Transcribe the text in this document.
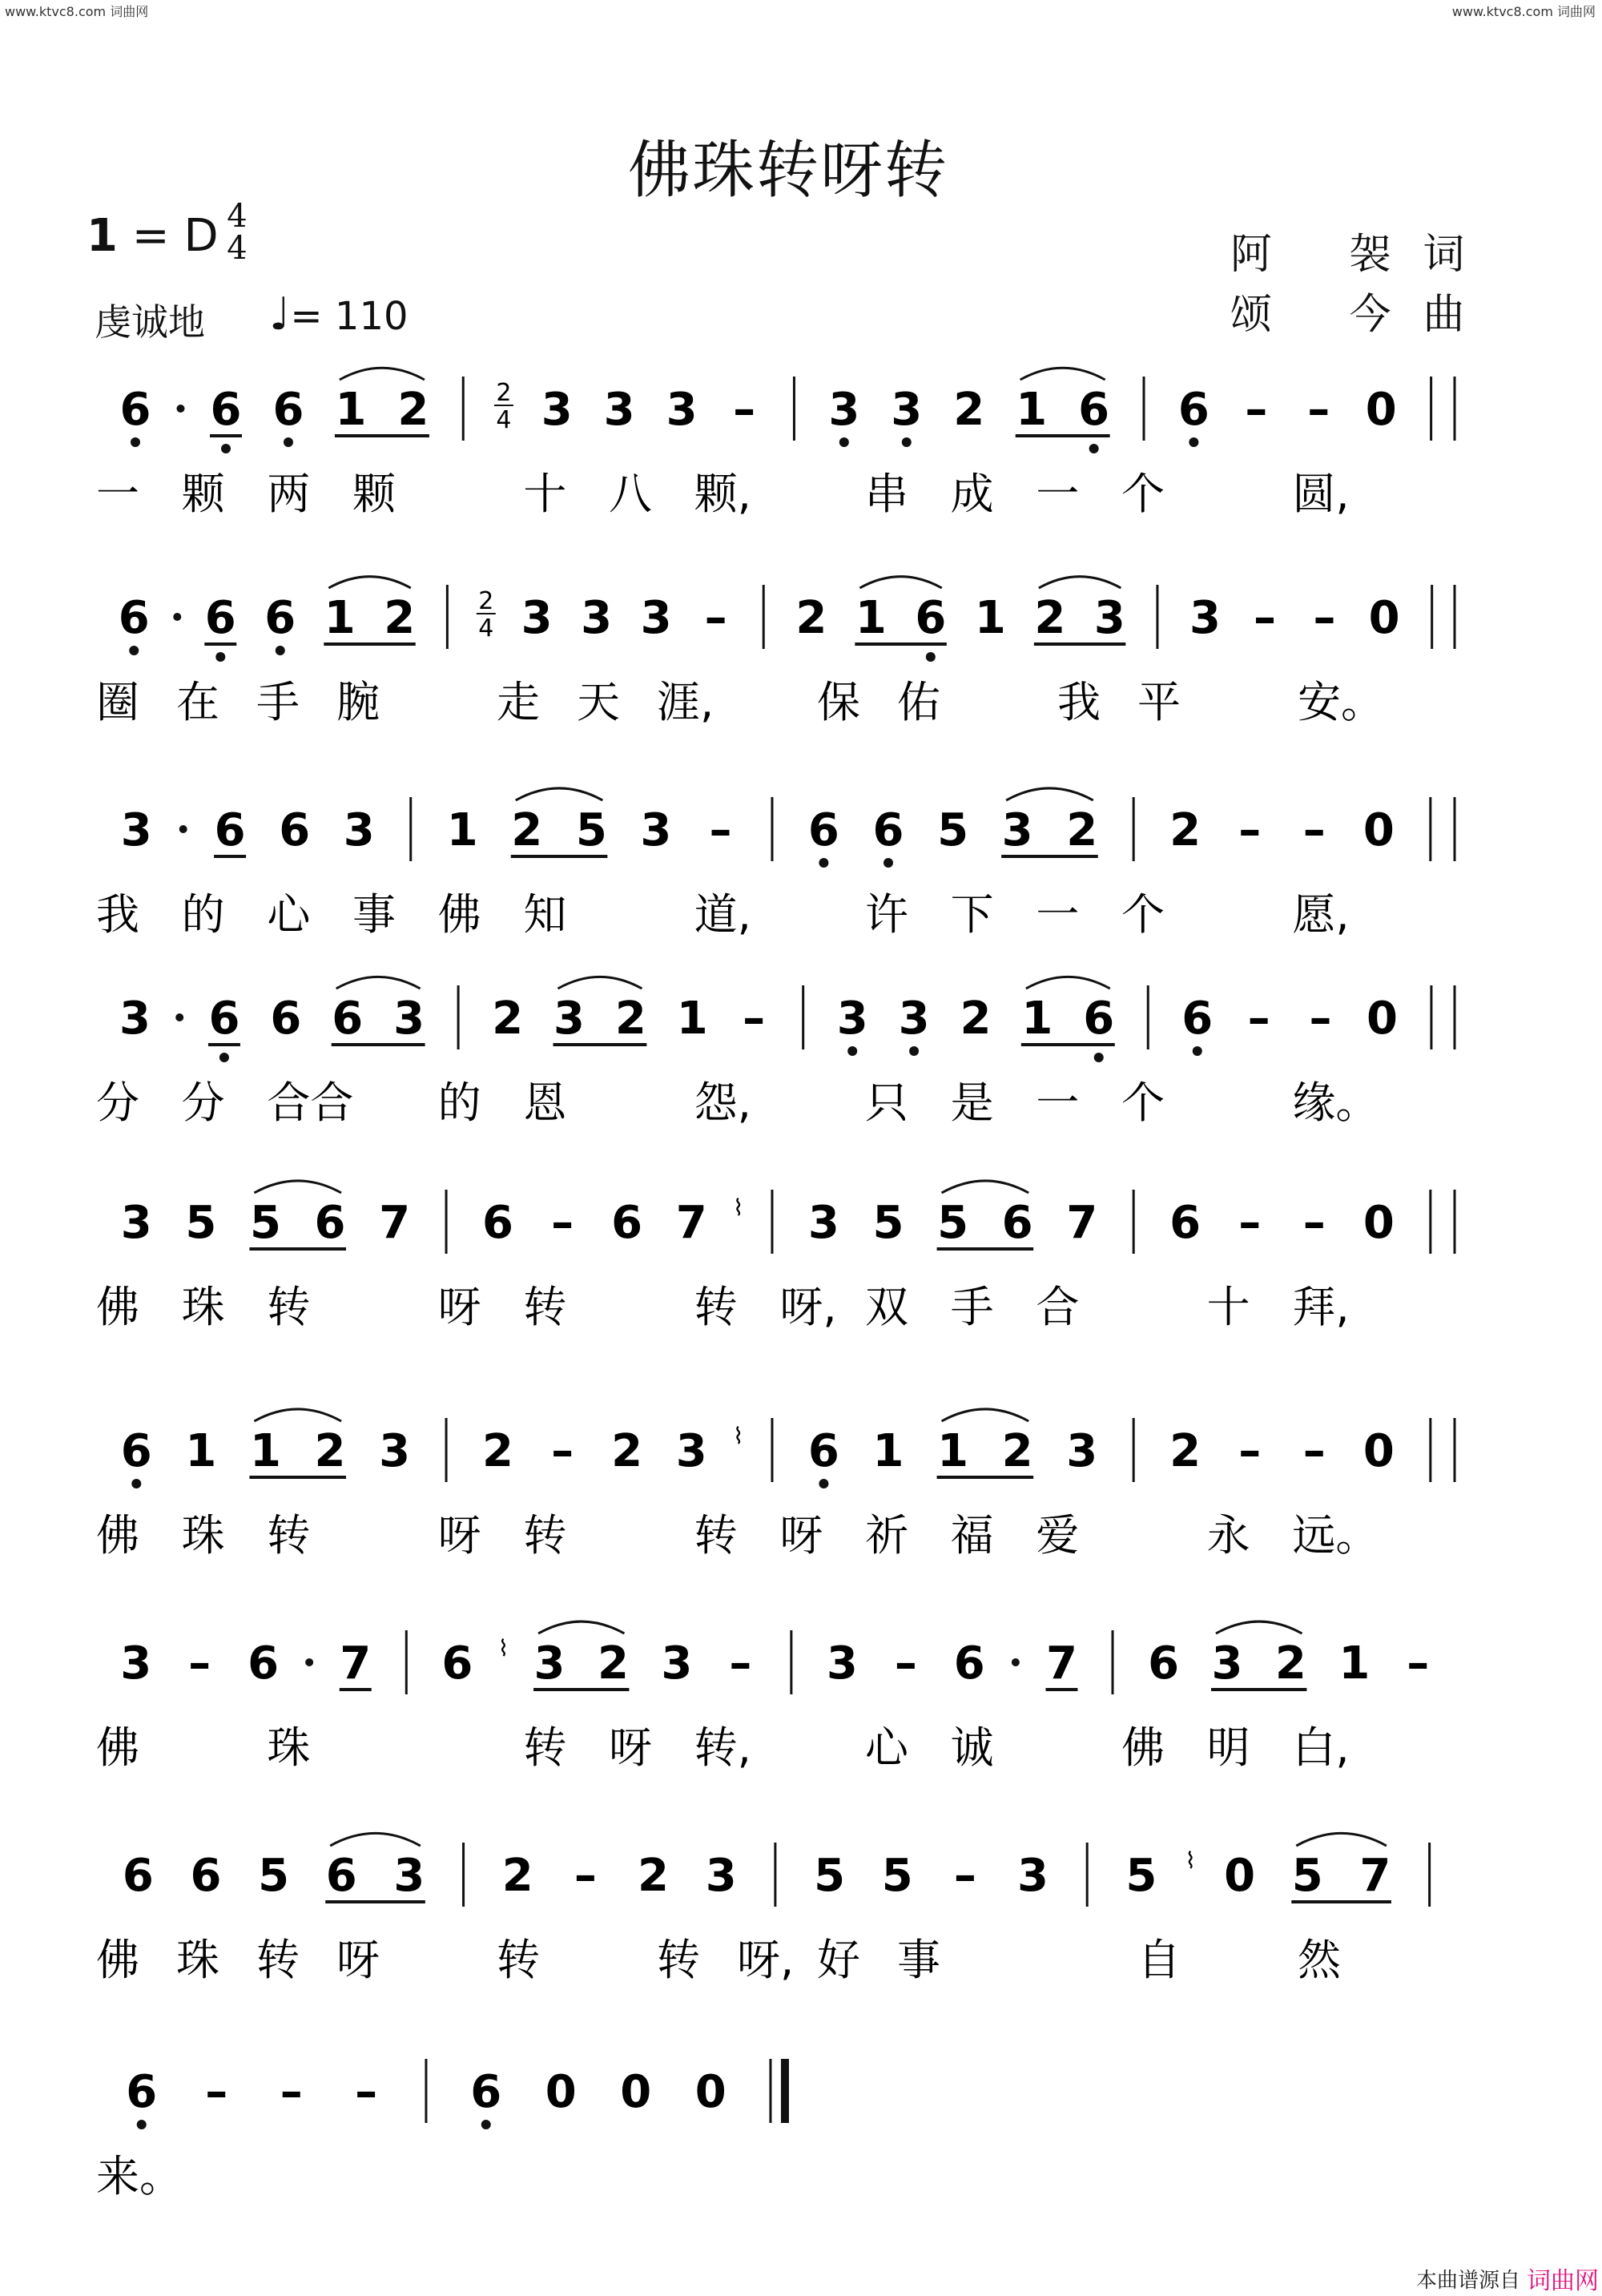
www.ktvc8.com 词曲网	www.ktvc8.com 词曲网
佛珠转呀转
1 = D 4
4
虔诚地 ♩= 110
阿 袈词
颂 今曲
6 6 6 1 2	2
4 3 3 3 – 3 3 2 1 6 6 – – 0
一 颗 两 颗	十 八 颗,	串 成 一 个	圆,
6 6 6 1 2	2
4 3 3 3 – 2 1 6 1 2 3 3 – – 0
圈 在 手 腕	走 天 涯, 保 佑	我 平	安。
3 6 6 3 1 2 5 3 – 6 6 5 3 2 2 – – 0
我 的 心 事 佛 知	道,	许 下 一 个	愿,
3 6 6 6 3 2 3 2 1 – 3 3 2 1 6 6 – – 0
分 分 合合 的 恩	怨,	只 是 一 个	缘。
3 5 5 6 7 6 – 6 7 ⌇ 3 5 5 6 7 6 – – 0
佛 珠 转	呀 转	转 呀, 双 手 合	十 拜,
6 1 1 2 3 2 – 2 3 ⌇ 6 1 1 2 3 2 – – 0
佛 珠 转	呀 转	转 呀 祈 福 爱	永 远。
3 – 6 7 6 ⌇ 3 2 3 – 3 – 6 7 6 3 2 1 –
佛	珠	转 呀 转,	心 诚	佛 明 白,
6 6 5 6 3 2 – 2 3 5 5 – 3 5 ⌇ 0 5 7
佛 珠 转 呀	转	转 呀, 好 事	自	然
6 – – – 6 0 0 0
来。
本曲谱源自 词曲网
